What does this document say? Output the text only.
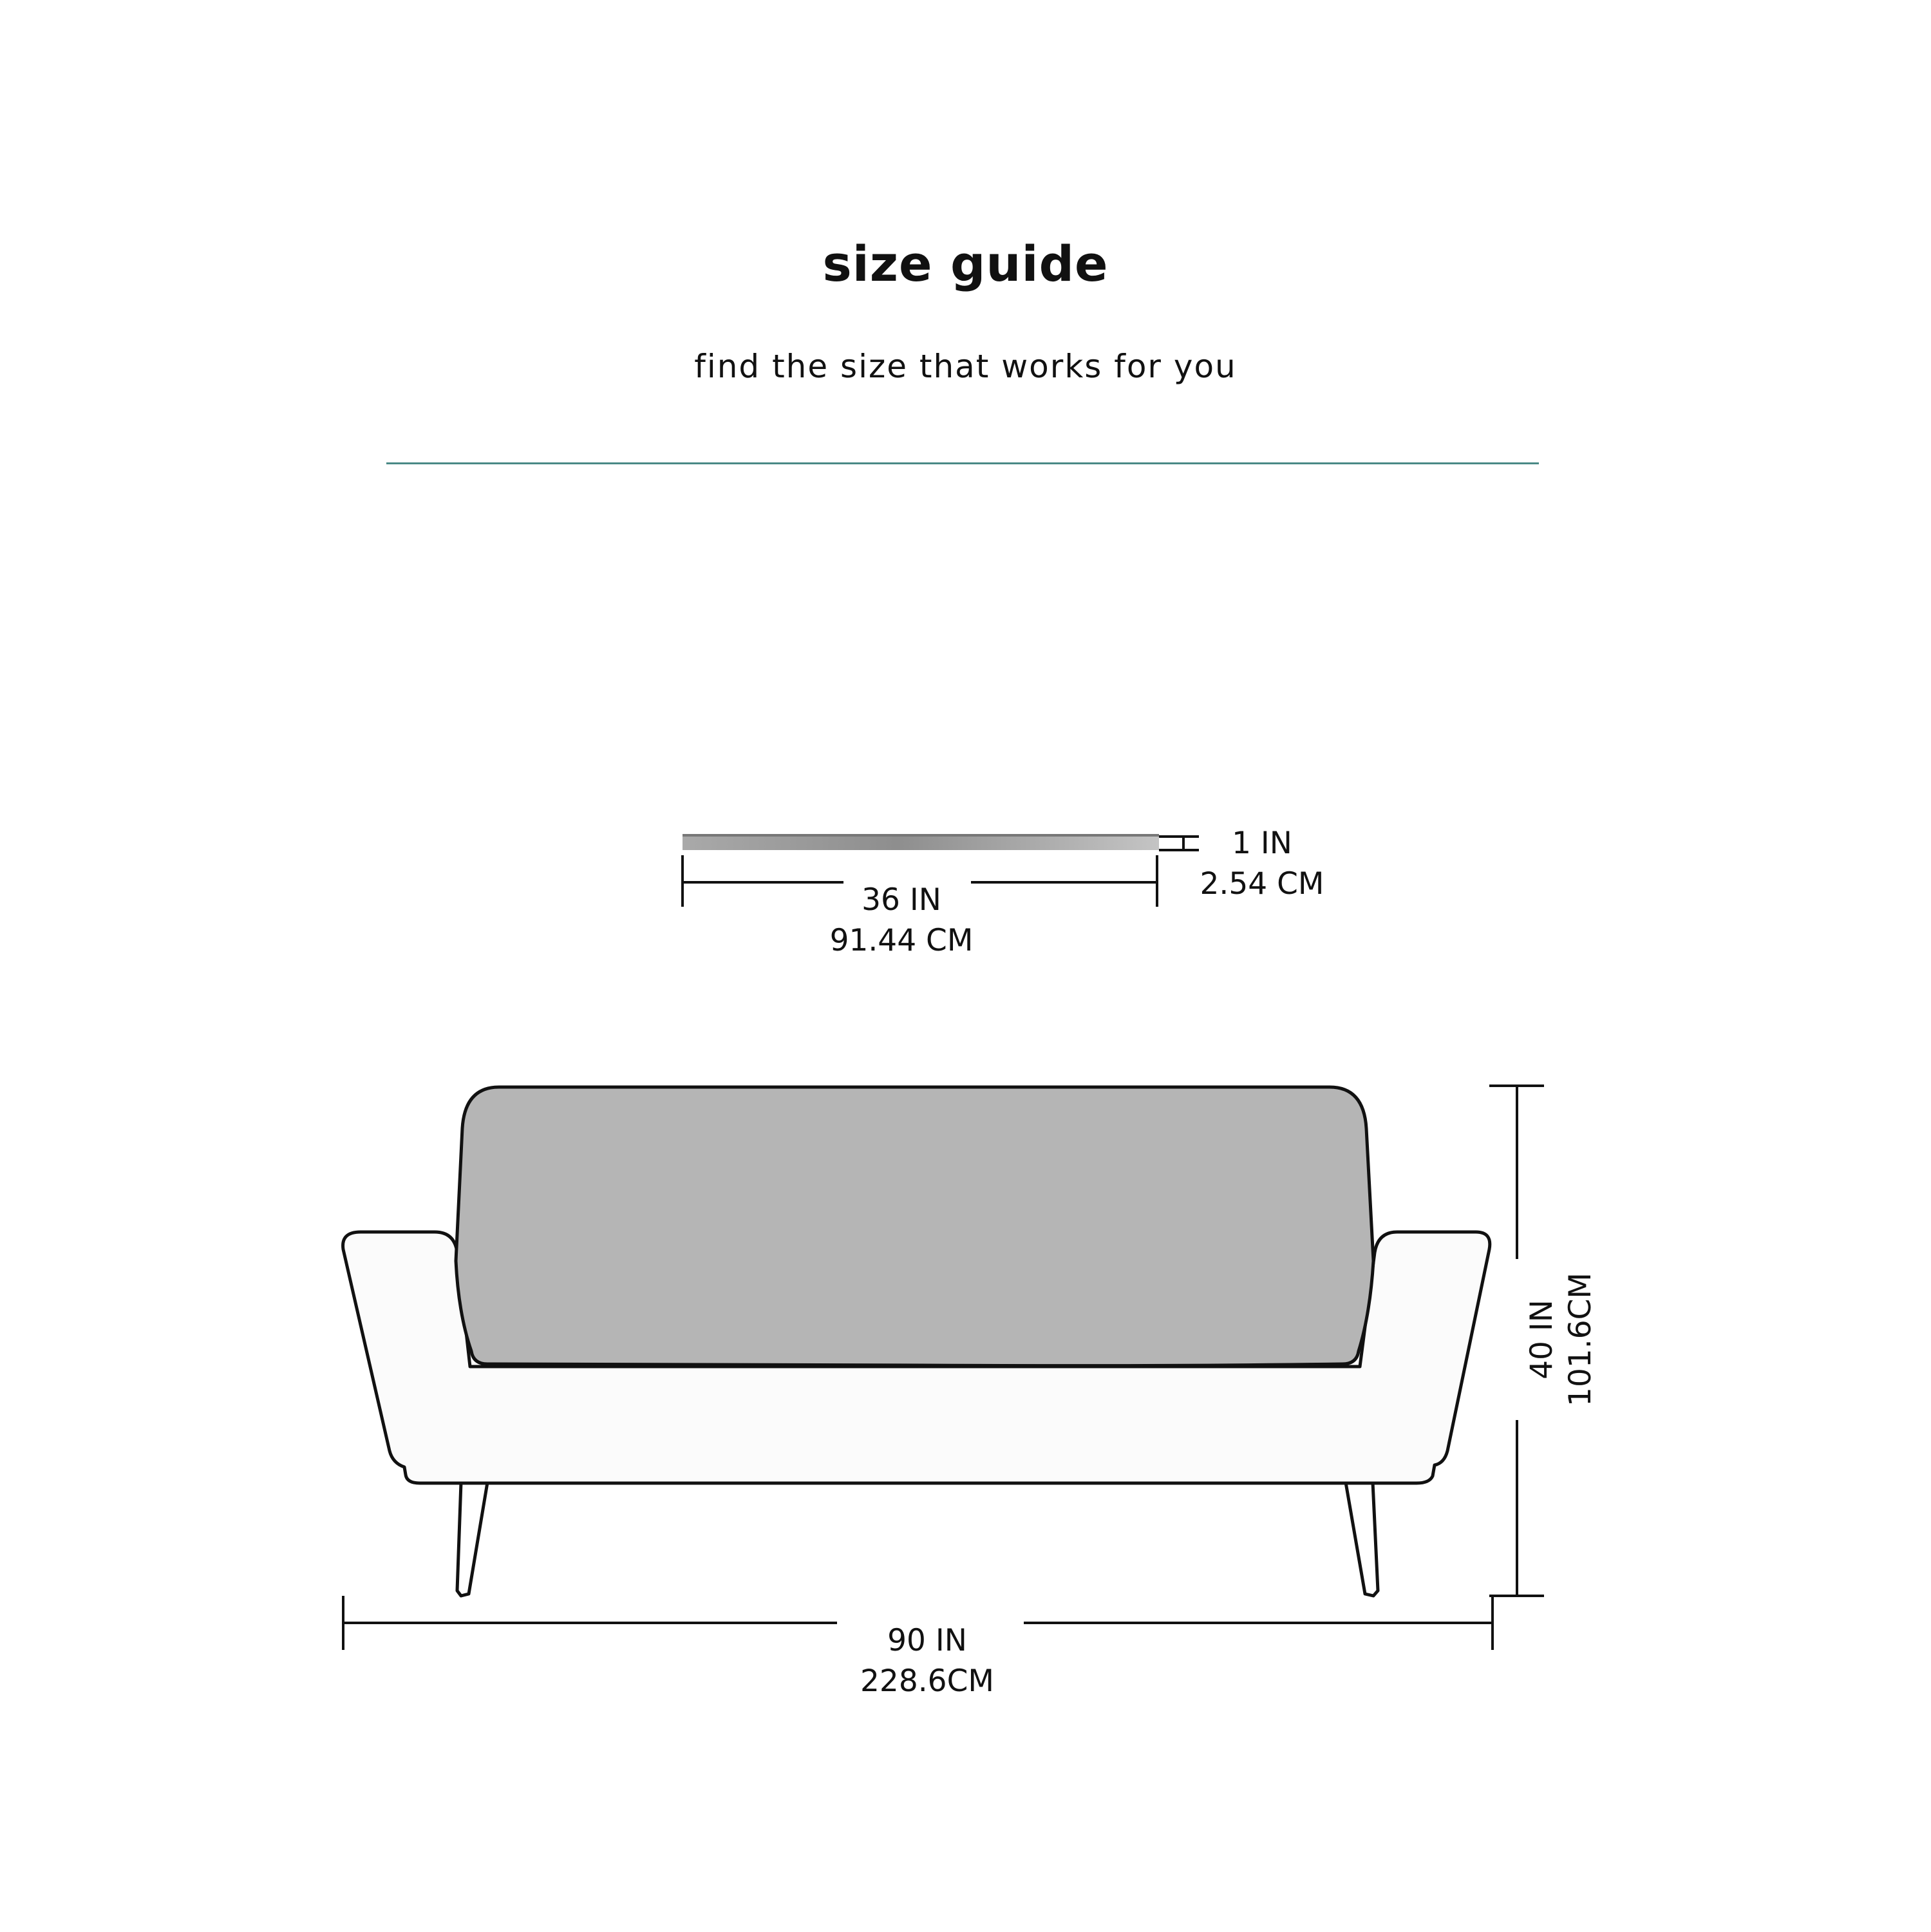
size guide
find the size that works for you
1 IN
2.54 CM
36 IN
91.44 CM
40 IN 101.6CM
90 IN
228.6CM
